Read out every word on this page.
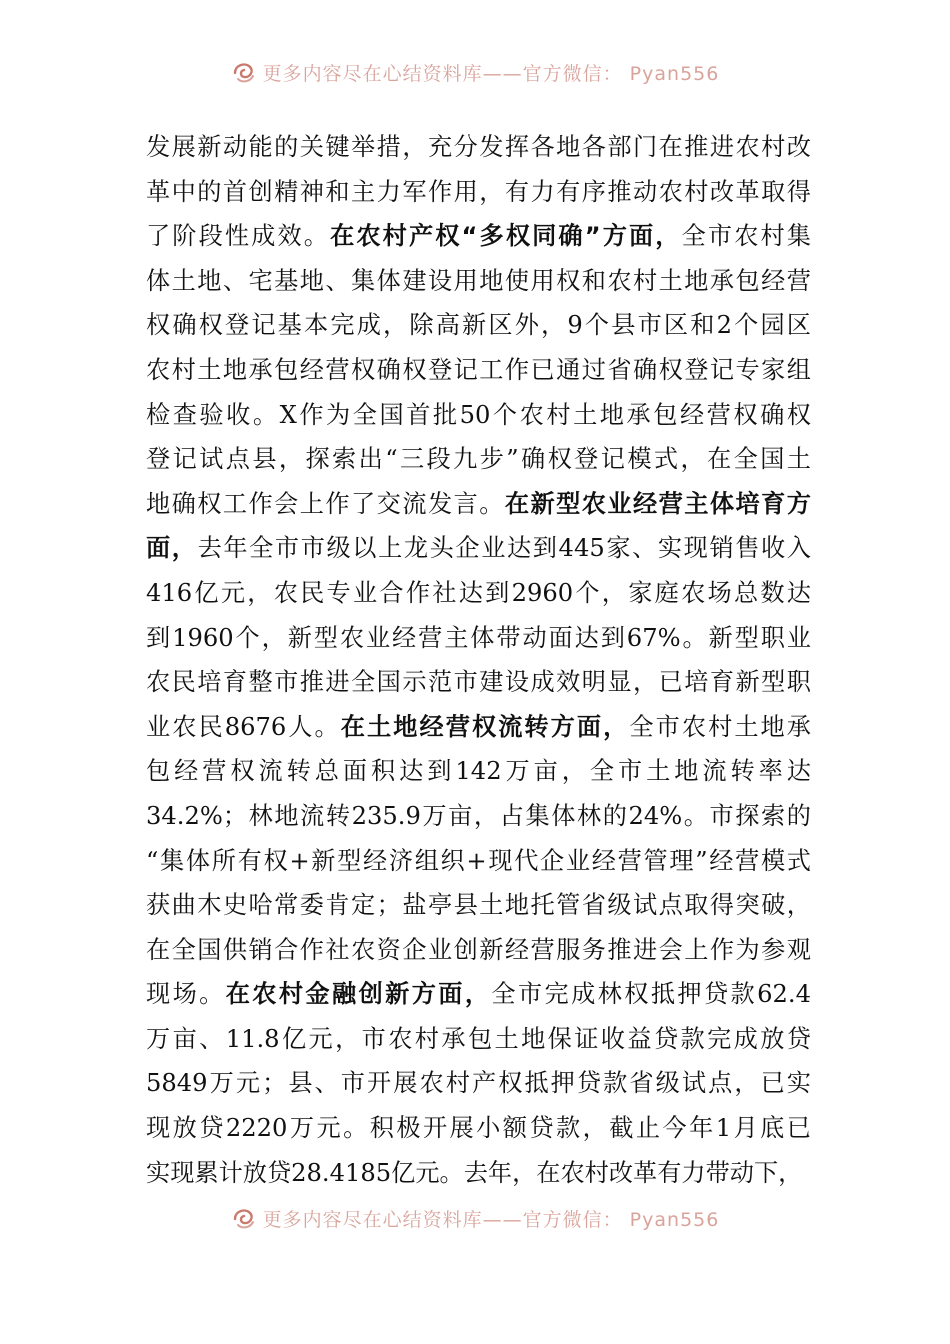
更多内容尽在心结资料库——官方微信： Pyan556
发展新动能的关键举措，充分发挥各地各部门在推进农村改
革中的首创精神和主力军作用，有力有序推动农村改革取得
了阶段性成效。在农村产权“多权同确”方面，全市农村集
体土地、宅基地、集体建设用地使用权和农村土地承包经营
权确权登记基本完成，除高新区外，9个县市区和2个园区
农村土地承包经营权确权登记工作已通过省确权登记专家组
检查验收。X作为全国首批50个农村土地承包经营权确权
登记试点县，探索出“三段九步”确权登记模式，在全国土
地确权工作会上作了交流发言。在新型农业经营主体培育方
面，去年全市市级以上龙头企业达到445家、实现销售收入
416亿元，农民专业合作社达到2960个，家庭农场总数达
到1960个，新型农业经营主体带动面达到67%。新型职业
农民培育整市推进全国示范市建设成效明显，已培育新型职
业农民8676人。在土地经营权流转方面，全市农村土地承
包经营权流转总面积达到142万亩，全市土地流转率达
34.2%；林地流转235.9万亩，占集体林的24%。市探索的
“集体所有权+新型经济组织+现代企业经营管理”经营模式
获曲木史哈常委肯定；盐亭县土地托管省级试点取得突破，
在全国供销合作社农资企业创新经营服务推进会上作为参观
现场。在农村金融创新方面，全市完成林权抵押贷款62.4
万亩、11.8亿元，市农村承包土地保证收益贷款完成放贷
5849万元；县、市开展农村产权抵押贷款省级试点，已实
现放贷2220万元。积极开展小额贷款，截止今年1月底已
实现累计放贷28.4185亿元。去年，在农村改革有力带动下，
更多内容尽在心结资料库——官方微信： Pyan556
